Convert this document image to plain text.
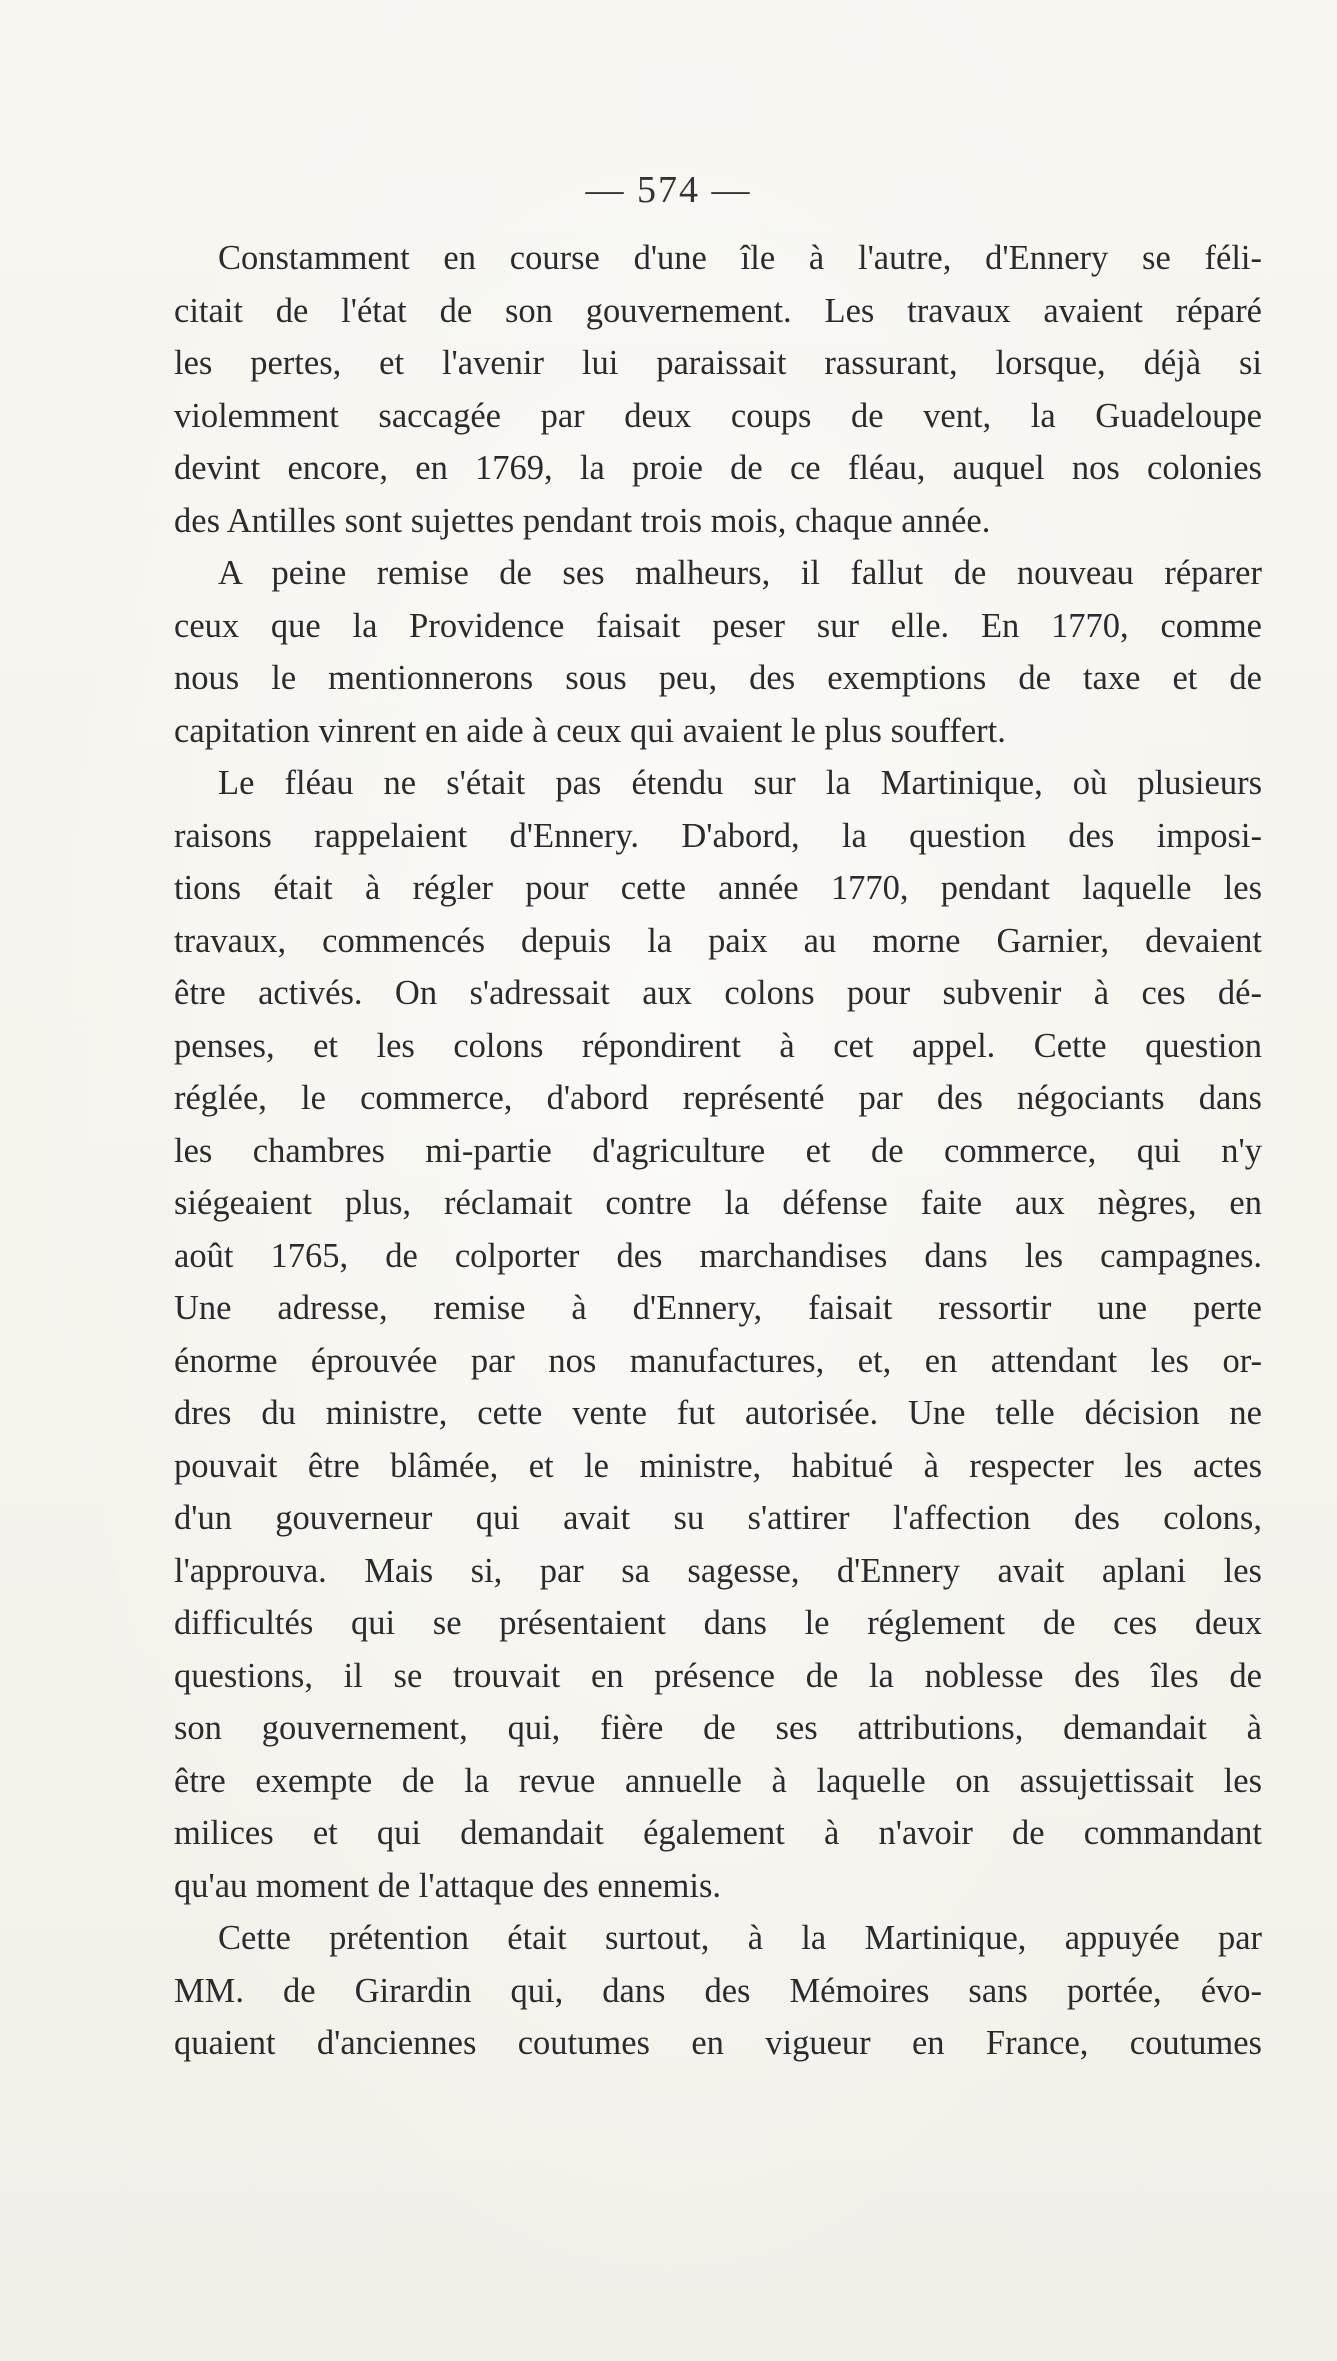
— 574 —
Constamment en course d'une île à l'autre, d'Ennery se féli-
citait de l'état de son gouvernement. Les travaux avaient réparé
les pertes, et l'avenir lui paraissait rassurant, lorsque, déjà si
violemment saccagée par deux coups de vent, la Guadeloupe
devint encore, en 1769, la proie de ce fléau, auquel nos colonies
des Antilles sont sujettes pendant trois mois, chaque année.
A peine remise de ses malheurs, il fallut de nouveau réparer
ceux que la Providence faisait peser sur elle. En 1770, comme
nous le mentionnerons sous peu, des exemptions de taxe et de
capitation vinrent en aide à ceux qui avaient le plus souffert.
Le fléau ne s'était pas étendu sur la Martinique, où plusieurs
raisons rappelaient d'Ennery. D'abord, la question des imposi-
tions était à régler pour cette année 1770, pendant laquelle les
travaux, commencés depuis la paix au morne Garnier, devaient
être activés. On s'adressait aux colons pour subvenir à ces dé-
penses, et les colons répondirent à cet appel. Cette question
réglée, le commerce, d'abord représenté par des négociants dans
les chambres mi-partie d'agriculture et de commerce, qui n'y
siégeaient plus, réclamait contre la défense faite aux nègres, en
août 1765, de colporter des marchandises dans les campagnes.
Une adresse, remise à d'Ennery, faisait ressortir une perte
énorme éprouvée par nos manufactures, et, en attendant les or-
dres du ministre, cette vente fut autorisée. Une telle décision ne
pouvait être blâmée, et le ministre, habitué à respecter les actes
d'un gouverneur qui avait su s'attirer l'affection des colons,
l'approuva. Mais si, par sa sagesse, d'Ennery avait aplani les
difficultés qui se présentaient dans le réglement de ces deux
questions, il se trouvait en présence de la noblesse des îles de
son gouvernement, qui, fière de ses attributions, demandait à
être exempte de la revue annuelle à laquelle on assujettissait les
milices et qui demandait également à n'avoir de commandant
qu'au moment de l'attaque des ennemis.
Cette prétention était surtout, à la Martinique, appuyée par
MM. de Girardin qui, dans des Mémoires sans portée, évo-
quaient d'anciennes coutumes en vigueur en France, coutumes
